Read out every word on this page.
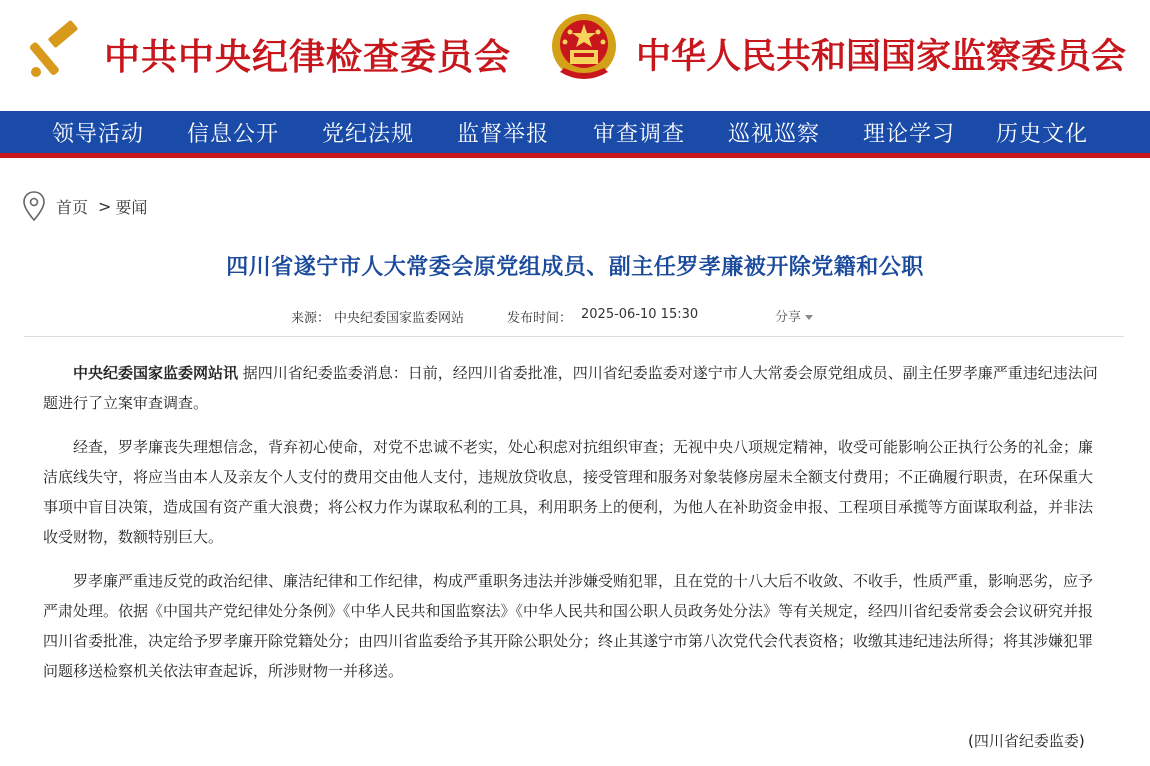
中共中央纪律检查委员会	中华人民共和国国家监察委员会
领导活动 信息公开 党纪法规 监督举报 审查调查 巡视巡察 理论学习 历史文化
首页 > 要闻
四川省遂宁市人大常委会原党组成员、副主任罗孝廉被开除党籍和公职
来源： 中央纪委国家监委网站	发布时间： 2025-06-10 15:30	分享

中央纪委国家监委网站讯 据四川省纪委监委消息：日前，经四川省委批准，四川省纪委监委对遂宁市人大常委会原党组成员、副主任罗孝廉严重违纪违法问题进行了立案审查调查。

经查，罗孝廉丧失理想信念，背弃初心使命，对党不忠诚不老实，处心积虑对抗组织审查；无视中央八项规定精神，收受可能影响公正执行公务的礼金；廉洁底线失守，将应当由本人及亲友个人支付的费用交由他人支付，违规放贷收息，接受管理和服务对象装修房屋未全额支付费用；不正确履行职责，在环保重大事项中盲目决策，造成国有资产重大浪费；将公权力作为谋取私利的工具，利用职务上的便利，为他人在补助资金申报、工程项目承揽等方面谋取利益，并非法收受财物，数额特别巨大。

罗孝廉严重违反党的政治纪律、廉洁纪律和工作纪律，构成严重职务违法并涉嫌受贿犯罪，且在党的十八大后不收敛、不收手，性质严重，影响恶劣，应予严肃处理。依据《中国共产党纪律处分条例》《中华人民共和国监察法》《中华人民共和国公职人员政务处分法》等有关规定，经四川省纪委常委会会议研究并报四川省委批准，决定给予罗孝廉开除党籍处分；由四川省监委给予其开除公职处分；终止其遂宁市第八次党代会代表资格；收缴其违纪违法所得；将其涉嫌犯罪问题移送检察机关依法审查起诉，所涉财物一并移送。

(四川省纪委监委)
